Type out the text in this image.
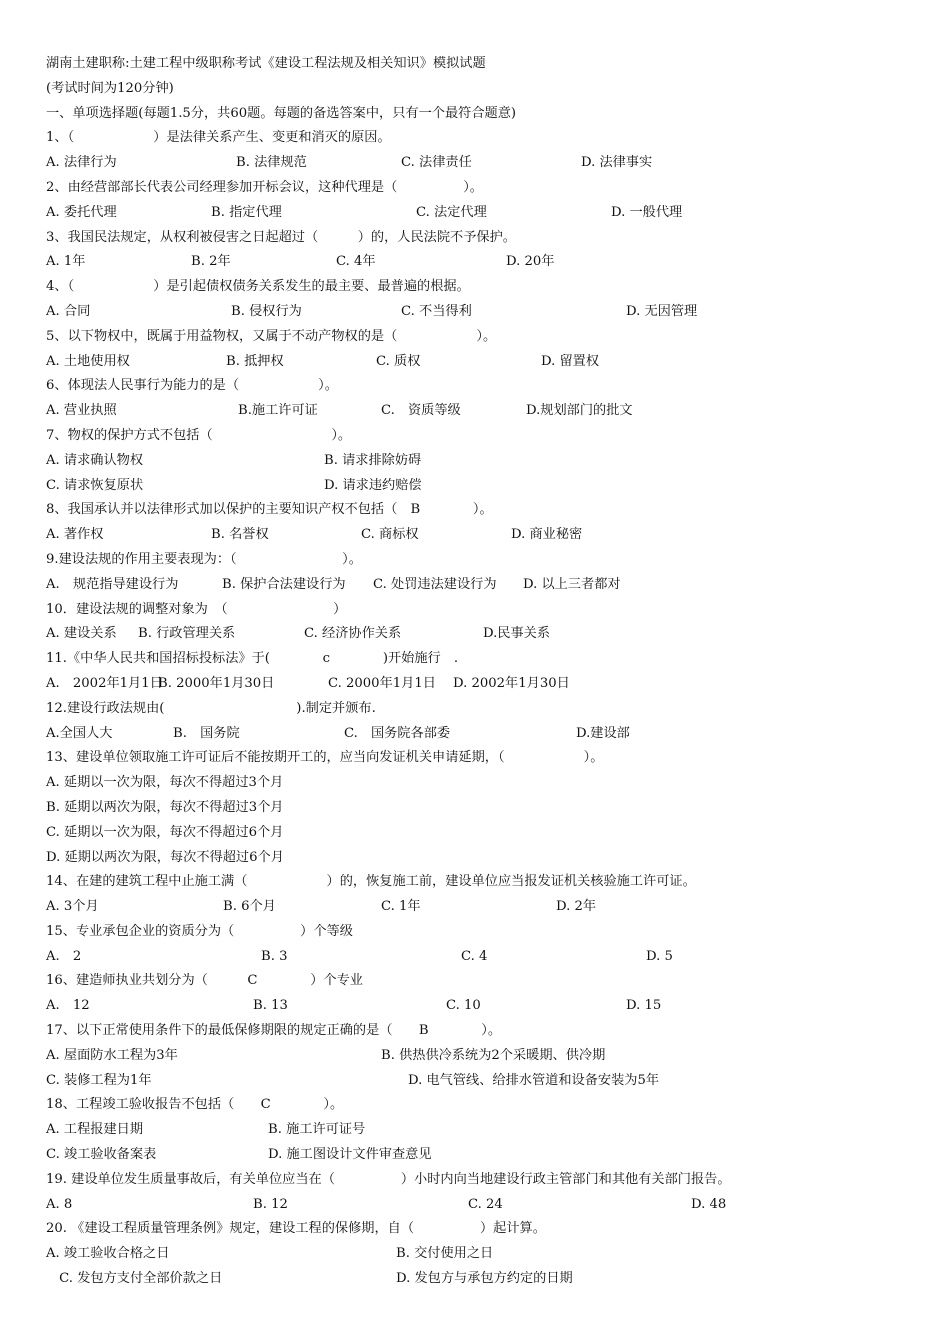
湖南土建职称:土建工程中级职称考试《建设工程法规及相关知识》模拟试题
(考试时间为120分钟)
一、单项选择题(每题1.5分，共60题。每题的备选答案中，只有一个最符合题意)
1、（　　　　　　）是法律关系产生、变更和消灭的原因。
A. 法律行为	B. 法律规范	C. 法律责任	D. 法律事实
2、由经营部部长代表公司经理参加开标会议，这种代理是（　　　　　）。
A. 委托代理	B. 指定代理	C. 法定代理	D. 一般代理
3、我国民法规定，从权利被侵害之日起超过（　　　）的，人民法院不予保护。
A. 1年	B. 2年	C. 4年	D. 20年
4、（　　　　　　）是引起债权债务关系发生的最主要、最普遍的根据。
A. 合同	B. 侵权行为	C. 不当得利	D. 无因管理
5、以下物权中，既属于用益物权，又属于不动产物权的是（　　　　　　）。
A. 土地使用权	B. 抵押权	C. 质权	D. 留置权
6、体现法人民事行为能力的是（　　　　　　）。
A. 营业执照	B.施工许可证	C.　资质等级	D.规划部门的批文
7、物权的保护方式不包括（　　　　　　　　　）。
A. 请求确认物权	B. 请求排除妨碍
C. 请求恢复原状	D. 请求违约赔偿
8、我国承认并以法律形式加以保护的主要知识产权不包括（　B　　　　）。
A. 著作权	B. 名誉权	C. 商标权	D. 商业秘密
9.建设法规的作用主要表现为：（　　　　　　　　）。
A.　规范指导建设行为	B. 保护合法建设行为 C. 处罚违法建设行为 D. 以上三者都对
10．建设法规的调整对象为　（　　　　　　　　）
A. 建设关系 B. 行政管理关系	C. 经济协作关系	D.民事关系
11.《中华人民共和国招标投标法》于(　　　　c　　　　)开始施行　.
A.　2002年1月1日
B. 2000年1月30日	C. 2000年1月1日 D. 2002年1月30日
12.建设行政法规由(　　　　　　　　　　).制定并颁布.
A.全国人大	B.　国务院	C.　国务院各部委	D.建设部
13、建设单位领取施工许可证后不能按期开工的，应当向发证机关申请延期，（　　　　　　）。
A. 延期以一次为限，每次不得超过3个月
B. 延期以两次为限，每次不得超过3个月
C. 延期以一次为限，每次不得超过6个月
D. 延期以两次为限，每次不得超过6个月
14、在建的建筑工程中止施工满（　　　　　　）的，恢复施工前，建设单位应当报发证机关核验施工许可证。
A. 3个月	B. 6个月	C. 1年	D. 2年
15、专业承包企业的资质分为（　　　　　）个等级
A.　2	B. 3	C. 4	D. 5
16、建造师执业共划分为（　　　C　　　　）个专业
A.　12	B. 13	C. 10	D. 15
17、以下正常使用条件下的最低保修期限的规定正确的是（　　B　　　　）。
A. 屋面防水工程为3年	B. 供热供冷系统为2个采暖期、供冷期
C. 装修工程为1年	D. 电气管线、给排水管道和设备安装为5年
18、工程竣工验收报告不包括（　　C　　　　）。
A. 工程报建日期	B. 施工许可证号
C. 竣工验收备案表	D. 施工图设计文件审查意见
19. 建设单位发生质量事故后，有关单位应当在（　　　　　）小时内向当地建设行政主管部门和其他有关部门报告。
A. 8	B. 12	C. 24	D. 48
20. 《建设工程质量管理条例》规定，建设工程的保修期，自（　　　　　）起计算。
A. 竣工验收合格之日	B. 交付使用之日
　C. 发包方支付全部价款之日	D. 发包方与承包方约定的日期
